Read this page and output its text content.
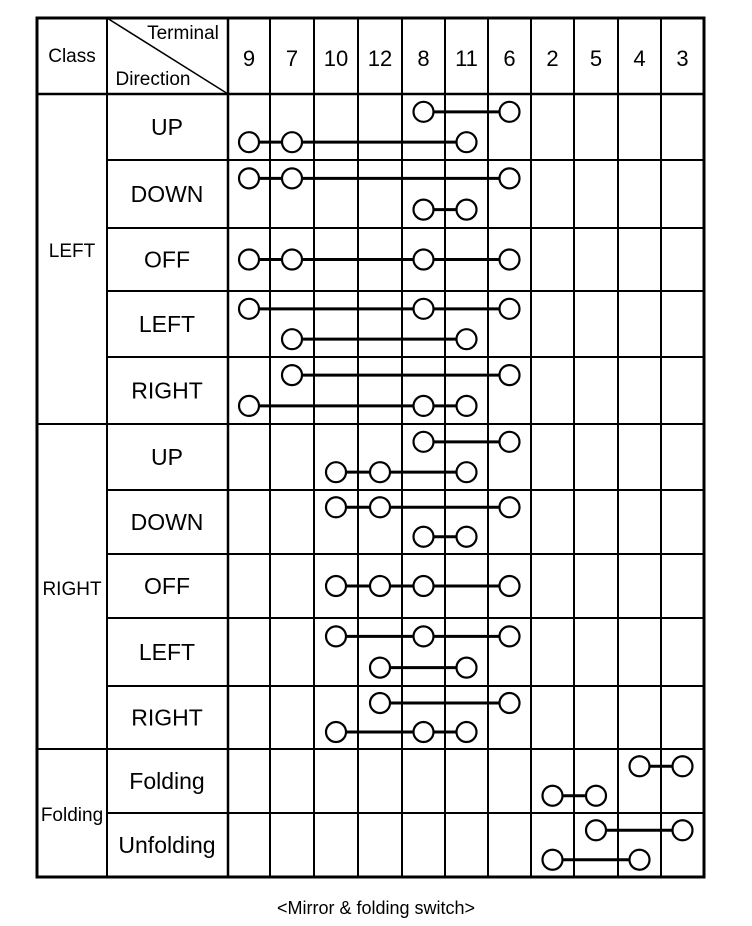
Class
Terminal
Direction
9 7 10 12 8 11 6 2 5 4 3
LEFT
RIGHT
Folding
UP
DOWN
OFF
LEFT
RIGHT
UP
DOWN
OFF
LEFT
RIGHT
Folding
Unfolding
<Mirror & folding switch>
